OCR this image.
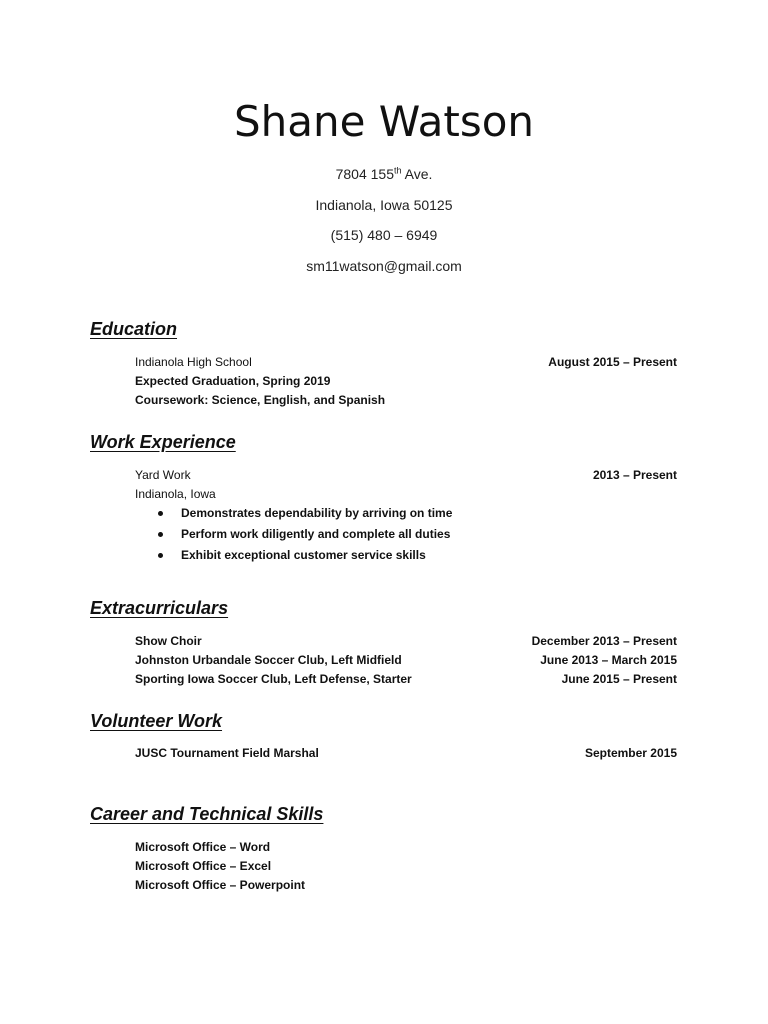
Shane Watson
7804 155th Ave.
Indianola, Iowa 50125
(515) 480 – 6949
sm11watson@gmail.com
Education
Indianola High School	August 2015 – Present
Expected Graduation, Spring 2019
Coursework: Science, English, and Spanish
Work Experience
Yard Work	2013 – Present
Indianola, Iowa
Demonstrates dependability by arriving on time
Perform work diligently and complete all duties
Exhibit exceptional customer service skills
Extracurriculars
Show Choir	December 2013 – Present
Johnston Urbandale Soccer Club, Left Midfield	June 2013 – March 2015
Sporting Iowa Soccer Club, Left Defense, Starter	June 2015 – Present
Volunteer Work
JUSC Tournament Field Marshal	September 2015
Career and Technical Skills
Microsoft Office – Word
Microsoft Office – Excel
Microsoft Office – Powerpoint
